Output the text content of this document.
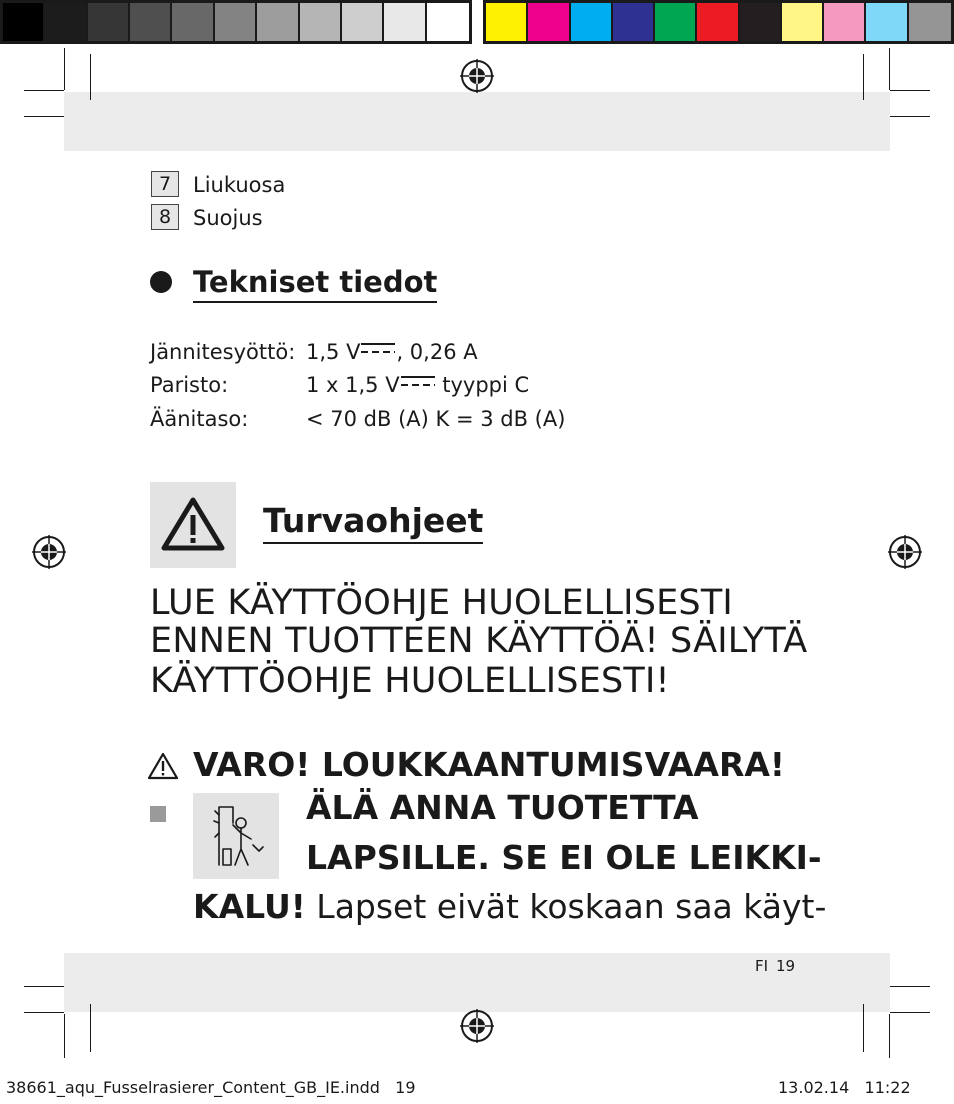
7	Liukuosa
8	Suojus
Tekniset tiedot
Jännitesyöttö: 1,5 V , 0,26 A
Paristo:	1 x 1,5 V tyyppi C
Äänitaso:	< 70 dB (A) K = 3 dB (A)
Turvaohjeet
LUE KÄYTTÖOHJE HUOLELLISESTI
ENNEN TUOTTEEN KÄYTTÖÄ! SÄILYTÄ
KÄYTTÖOHJE HUOLELLISESTI!
VARO! LOUKKAANTUMISVAARA!
ÄLÄ ANNA TUOTETTA
LAPSILLE. SE EI OLE LEIKKI-
KALU! Lapset eivät koskaan saa käyt-
FI 19
38661_aqu_Fusselrasierer_Content_GB_IE.indd   19	13.02.14   11:22
